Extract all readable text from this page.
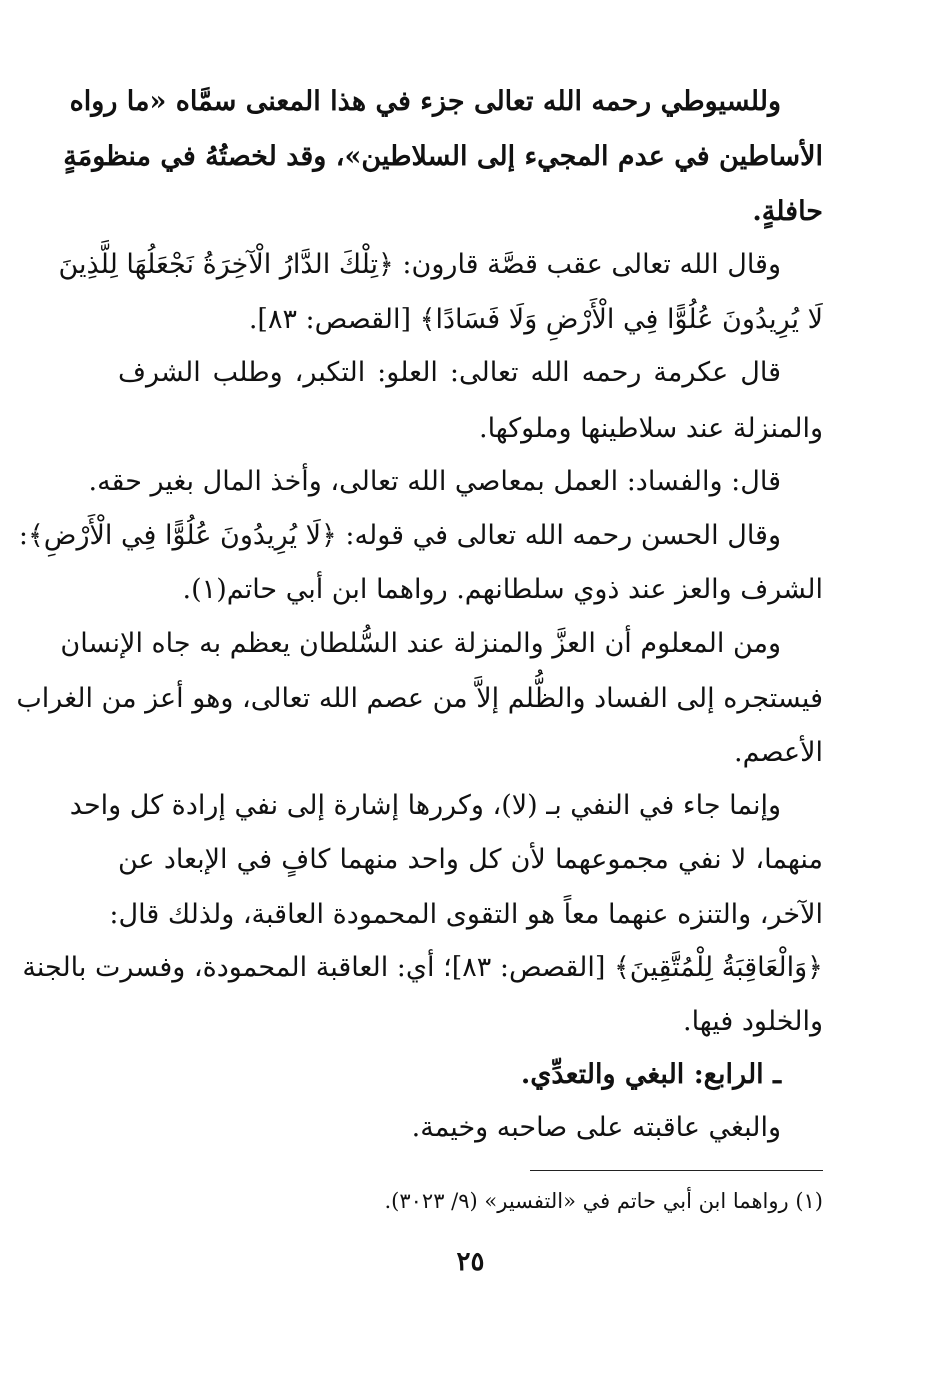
وللسيوطي رحمه الله تعالى جزء في هذا المعنى سمَّاه «ما رواه
الأساطين في عدم المجيء إلى السلاطين»، وقد لخصتُهُ في منظومَةٍ
حافلةٍ.
وقال الله تعالى عقب قصَّة قارون: ﴿تِلْكَ الدَّارُ الْآخِرَةُ نَجْعَلُهَا لِلَّذِينَ
لَا يُرِيدُونَ عُلُوًّا فِي الْأَرْضِ وَلَا فَسَادًا﴾ [القصص: ٨٣].
قال عكرمة رحمه الله تعالى: العلو: التكبر، وطلب الشرف
والمنزلة عند سلاطينها وملوكها.
قال: والفساد: العمل بمعاصي الله تعالى، وأخذ المال بغير حقه.
وقال الحسن رحمه الله تعالى في قوله: ﴿لَا يُرِيدُونَ عُلُوًّا فِي الْأَرْضِ﴾:
الشرف والعز عند ذوي سلطانهم. رواهما ابن أبي حاتم(١).
ومن المعلوم أن العزَّ والمنزلة عند السُّلطان يعظم به جاه الإنسان
فيستجره إلى الفساد والظُّلم إلاَّ من عصم الله تعالى، وهو أعز من الغراب
الأعصم.
وإنما جاء في النفي بـ (لا)، وكررها إشارة إلى نفي إرادة كل واحد
منهما، لا نفي مجموعهما لأن كل واحد منهما كافٍ في الإبعاد عن
الآخر، والتنزه عنهما معاً هو التقوى المحمودة العاقبة، ولذلك قال:
﴿وَالْعَاقِبَةُ لِلْمُتَّقِينَ﴾ [القصص: ٨٣]؛ أي: العاقبة المحمودة، وفسرت بالجنة
والخلود فيها.
ـ الرابع: البغي والتعدِّي.
والبغي عاقبته على صاحبه وخيمة.
(١) رواهما ابن أبي حاتم في «التفسير» (٩/ ٣٠٢٣).
٢٥
